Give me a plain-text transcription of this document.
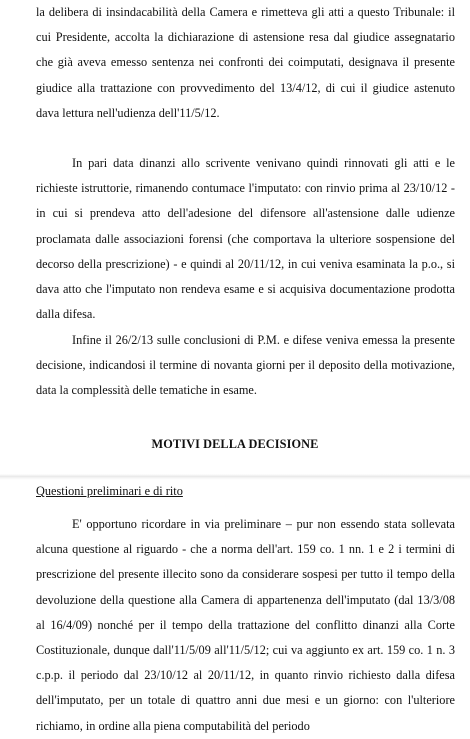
la delibera di insindacabilità della Camera e rimetteva gli atti a questo Tribunale: il cui Presidente, accolta la dichiarazione di astensione resa dal giudice assegnatario che già aveva emesso sentenza nei confronti dei coimputati, designava il presente giudice alla trattazione con provvedimento del 13/4/12, di cui il giudice astenuto dava lettura nell'udienza dell'11/5/12.

In pari data dinanzi allo scrivente venivano quindi rinnovati gli atti e le richieste istruttorie, rimanendo contumace l'imputato: con rinvio prima al 23/10/12 - in cui si prendeva atto dell'adesione del difensore all'astensione dalle udienze proclamata dalle associazioni forensi (che comportava la ulteriore sospensione del decorso della prescrizione) - e quindi al 20/11/12, in cui veniva esaminata la p.o., si dava atto che l'imputato non rendeva esame e si acquisiva documentazione prodotta dalla difesa.

Infine il 26/2/13 sulle conclusioni di P.M. e difese veniva emessa la presente decisione, indicandosi il termine di novanta giorni per il deposito della motivazione, data la complessità delle tematiche in esame.

MOTIVI DELLA DECISIONE
Questioni preliminari e di rito

E' opportuno ricordare in via preliminare – pur non essendo stata sollevata alcuna questione al riguardo - che a norma dell'art. 159 co. 1 nn. 1 e 2 i termini di prescrizione del presente illecito sono da considerare sospesi per tutto il tempo della devoluzione della questione alla Camera di appartenenza dell'imputato (dal 13/3/08 al 16/4/09) nonché per il tempo della trattazione del conflitto dinanzi alla Corte Costituzionale, dunque dall'11/5/09 all'11/5/12; cui va aggiunto ex art. 159 co. 1 n. 3 c.p.p. il periodo dal 23/10/12 al 20/11/12, in quanto rinvio richiesto dalla difesa dell'imputato, per un totale di quattro anni due mesi e un giorno: con l'ulteriore richiamo, in ordine alla piena computabilità del periodo
